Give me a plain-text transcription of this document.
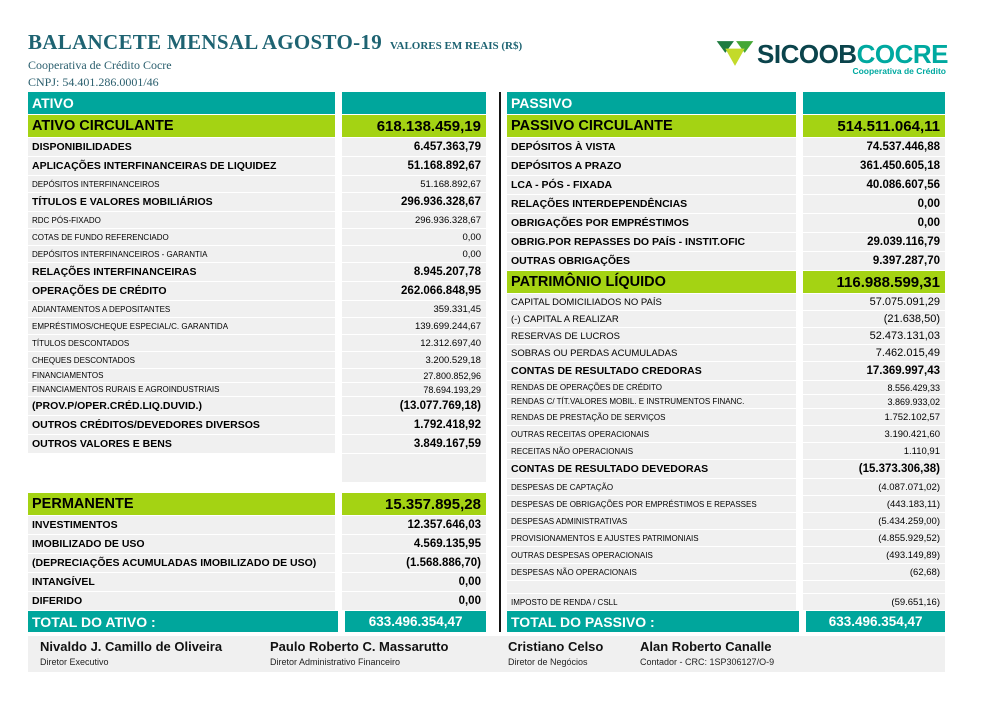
BALANCETE MENSAL AGOSTO-19 VALORES EM REAIS (R$)
Cooperativa de Crédito Cocre
CNPJ: 54.401.286.0001/46
SICOOBCOCRE
Cooperativa de Crédito
ATIVO
ATIVO CIRCULANTE	618.138.459,19
DISPONIBILIDADES	6.457.363,79
APLICAÇÕES INTERFINANCEIRAS DE LIQUIDEZ	51.168.892,67
DEPÓSITOS INTERFINANCEIROS	51.168.892,67
TÍTULOS E VALORES MOBILIÁRIOS	296.936.328,67
RDC PÓS-FIXADO	296.936.328,67
COTAS DE FUNDO REFERENCIADO	0,00
DEPÓSITOS INTERFINANCEIROS - GARANTIA	0,00
RELAÇÕES INTERFINANCEIRAS	8.945.207,78
OPERAÇÕES DE CRÉDITO	262.066.848,95
ADIANTAMENTOS A DEPOSITANTES	359.331,45
EMPRÉSTIMOS/CHEQUE ESPECIAL/C. GARANTIDA	139.699.244,67
TÍTULOS DESCONTADOS	12.312.697,40
CHEQUES DESCONTADOS	3.200.529,18
FINANCIAMENTOS	27.800.852,96
FINANCIAMENTOS RURAIS E AGROINDUSTRIAIS	78.694.193,29
(PROV.P/OPER.CRÉD.LIQ.DUVID.)	(13.077.769,18)
OUTROS CRÉDITOS/DEVEDORES DIVERSOS	1.792.418,92
OUTROS VALORES E BENS	3.849.167,59
PERMANENTE	15.357.895,28
INVESTIMENTOS	12.357.646,03
IMOBILIZADO DE USO	4.569.135,95
(DEPRECIAÇÕES ACUMULADAS IMOBILIZADO DE USO)	(1.568.886,70)
INTANGÍVEL	0,00
DIFERIDO	0,00
TOTAL DO ATIVO :	633.496.354,47
PASSIVO
PASSIVO CIRCULANTE	514.511.064,11
DEPÓSITOS À VISTA	74.537.446,88
DEPÓSITOS A PRAZO	361.450.605,18
LCA - PÓS - FIXADA	40.086.607,56
RELAÇÕES INTERDEPENDÊNCIAS	0,00
OBRIGAÇÕES POR EMPRÉSTIMOS	0,00
OBRIG.POR REPASSES DO PAÍS - INSTIT.OFIC	29.039.116,79
OUTRAS OBRIGAÇÕES	9.397.287,70
PATRIMÔNIO LÍQUIDO	116.988.599,31
CAPITAL DOMICILIADOS NO PAÍS	57.075.091,29
(-) CAPITAL A REALIZAR	(21.638,50)
RESERVAS DE LUCROS	52.473.131,03
SOBRAS OU PERDAS ACUMULADAS	7.462.015,49
CONTAS DE RESULTADO CREDORAS	17.369.997,43
RENDAS DE OPERAÇÕES DE CRÉDITO	8.556.429,33
RENDAS C/ TÍT.VALORES MOBIL. E INSTRUMENTOS FINANC.	3.869.933,02
RENDAS DE PRESTAÇÃO DE SERVIÇOS	1.752.102,57
OUTRAS RECEITAS OPERACIONAIS	3.190.421,60
RECEITAS NÃO OPERACIONAIS	1.110,91
CONTAS DE RESULTADO DEVEDORAS	(15.373.306,38)
DESPESAS DE CAPTAÇÃO	(4.087.071,02)
DESPESAS DE OBRIGAÇÕES POR EMPRÉSTIMOS E REPASSES	(443.183,11)
DESPESAS ADMINISTRATIVAS	(5.434.259,00)
PROVISIONAMENTOS E AJUSTES PATRIMONIAIS	(4.855.929,52)
OUTRAS DESPESAS OPERACIONAIS	(493.149,89)
DESPESAS NÃO OPERACIONAIS	(62,68)
IMPOSTO DE RENDA / CSLL	(59.651,16)
TOTAL DO PASSIVO :	633.496.354,47
Nivaldo J. Camillo de Oliveira
Diretor Executivo
Paulo Roberto C. Massarutto
Diretor Administrativo Financeiro
Cristiano Celso
Diretor de Negócios
Alan Roberto Canalle
Contador - CRC: 1SP306127/O-9
